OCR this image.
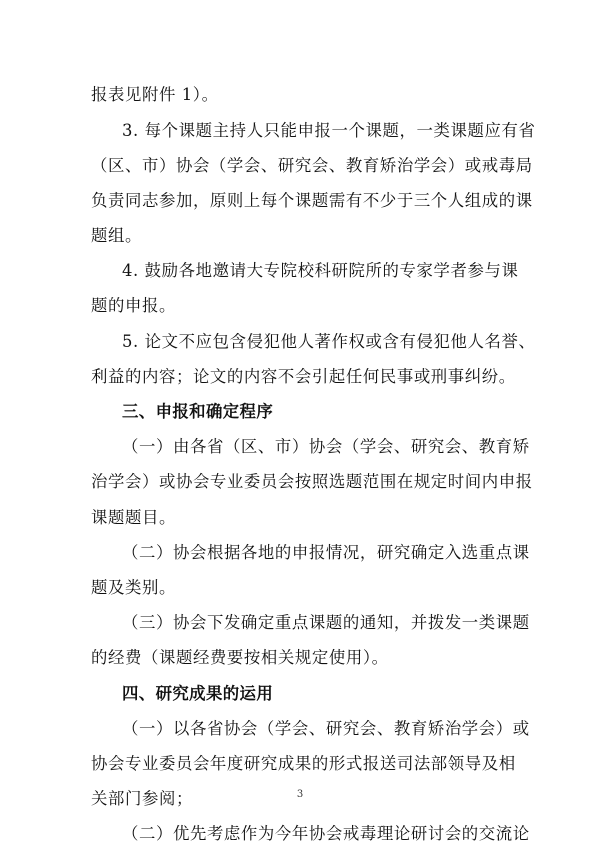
报表见附件 1）。
3. 每个课题主持人只能申报一个课题，一类课题应有省
（区、市）协会（学会、研究会、教育矫治学会）或戒毒局
负责同志参加，原则上每个课题需有不少于三个人组成的课
题组。
4. 鼓励各地邀请大专院校科研院所的专家学者参与课
题的申报。
5. 论文不应包含侵犯他人著作权或含有侵犯他人名誉、
利益的内容；论文的内容不会引起任何民事或刑事纠纷。
三、申报和确定程序
（一）由各省（区、市）协会（学会、研究会、教育矫
治学会）或协会专业委员会按照选题范围在规定时间内申报
课题题目。
（二）协会根据各地的申报情况，研究确定入选重点课
题及类别。
（三）协会下发确定重点课题的通知，并拨发一类课题
的经费（课题经费要按相关规定使用）。
四、研究成果的运用
（一）以各省协会（学会、研究会、教育矫治学会）或
协会专业委员会年度研究成果的形式报送司法部领导及相
关部门参阅；
（二）优先考虑作为今年协会戒毒理论研讨会的交流论
3
